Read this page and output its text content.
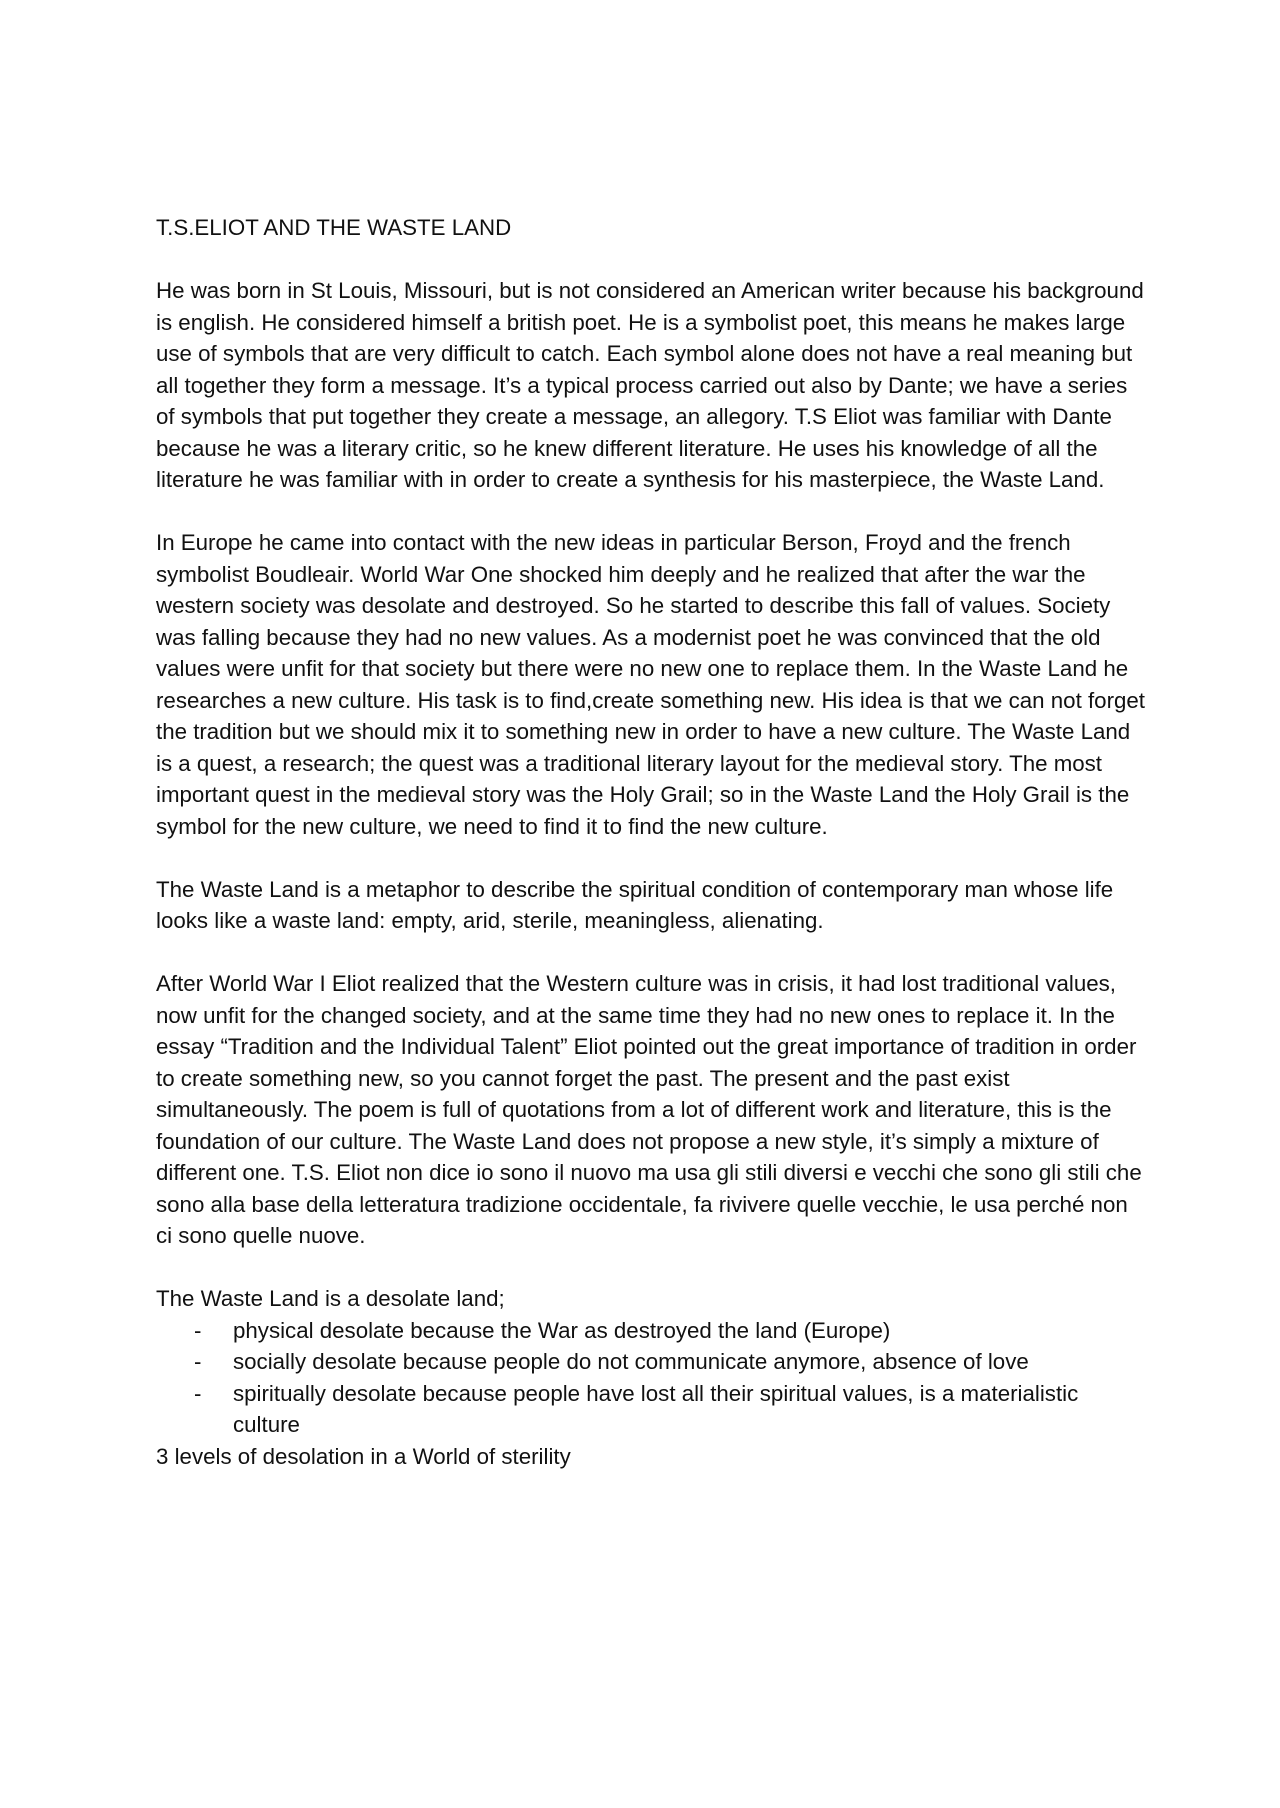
T.S.ELIOT AND THE WASTE LAND

He was born in St Louis, Missouri, but is not considered an American writer because his background is english. He considered himself a british poet. He is a symbolist poet, this means he makes large use of symbols that are very difficult to catch. Each symbol alone does not have a real meaning but all together they form a message. It’s a typical process carried out also by Dante; we have a series of symbols that put together they create a message, an allegory. T.S Eliot was familiar with Dante because he was a literary critic, so he knew different literature. He uses his knowledge of all the literature he was familiar with in order to create a synthesis for his masterpiece, the Waste Land.

In Europe he came into contact with the new ideas in particular Berson, Froyd and the french symbolist Boudleair. World War One shocked him deeply and he realized that after the war the western society was desolate and destroyed. So he started to describe this fall of values. Society was falling because they had no new values. As a modernist poet he was convinced that the old values were unfit for that society but there were no new one to replace them. In the Waste Land he researches a new culture. His task is to find,create something new. His idea is that we can not forget the tradition but we should mix it to something new in order to have a new culture. The Waste Land is a quest, a research; the quest was a traditional literary layout for the medieval story. The most important quest in the medieval story was the Holy Grail; so in the Waste Land the Holy Grail is the symbol for the new culture, we need to find it to find the new culture.

The Waste Land is a metaphor to describe the spiritual condition of contemporary man whose life looks like a waste land: empty, arid, sterile, meaningless, alienating.

After World War I Eliot realized that the Western culture was in crisis, it had lost traditional values, now unfit for the changed society, and at the same time they had no new ones to replace it. In the essay “Tradition and the Individual Talent” Eliot pointed out the great importance of tradition in order to create something new, so you cannot forget the past. The present and the past exist simultaneously. The poem is full of quotations from a lot of different work and literature, this is the foundation of our culture. The Waste Land does not propose a new style, it’s simply a mixture of different one. T.S. Eliot non dice io sono il nuovo ma usa gli stili diversi e vecchi che sono gli stili che sono alla base della letteratura tradizione occidentale, fa rivivere quelle vecchie, le usa perché non ci sono quelle nuove.

The Waste Land is a desolate land;

- physical desolate because the War as destroyed the land (Europe)
- socially desolate because people do not communicate anymore, absence of love
- spiritually desolate because people have lost all their spiritual values, is a materialistic culture

3 levels of desolation in a World of sterility
